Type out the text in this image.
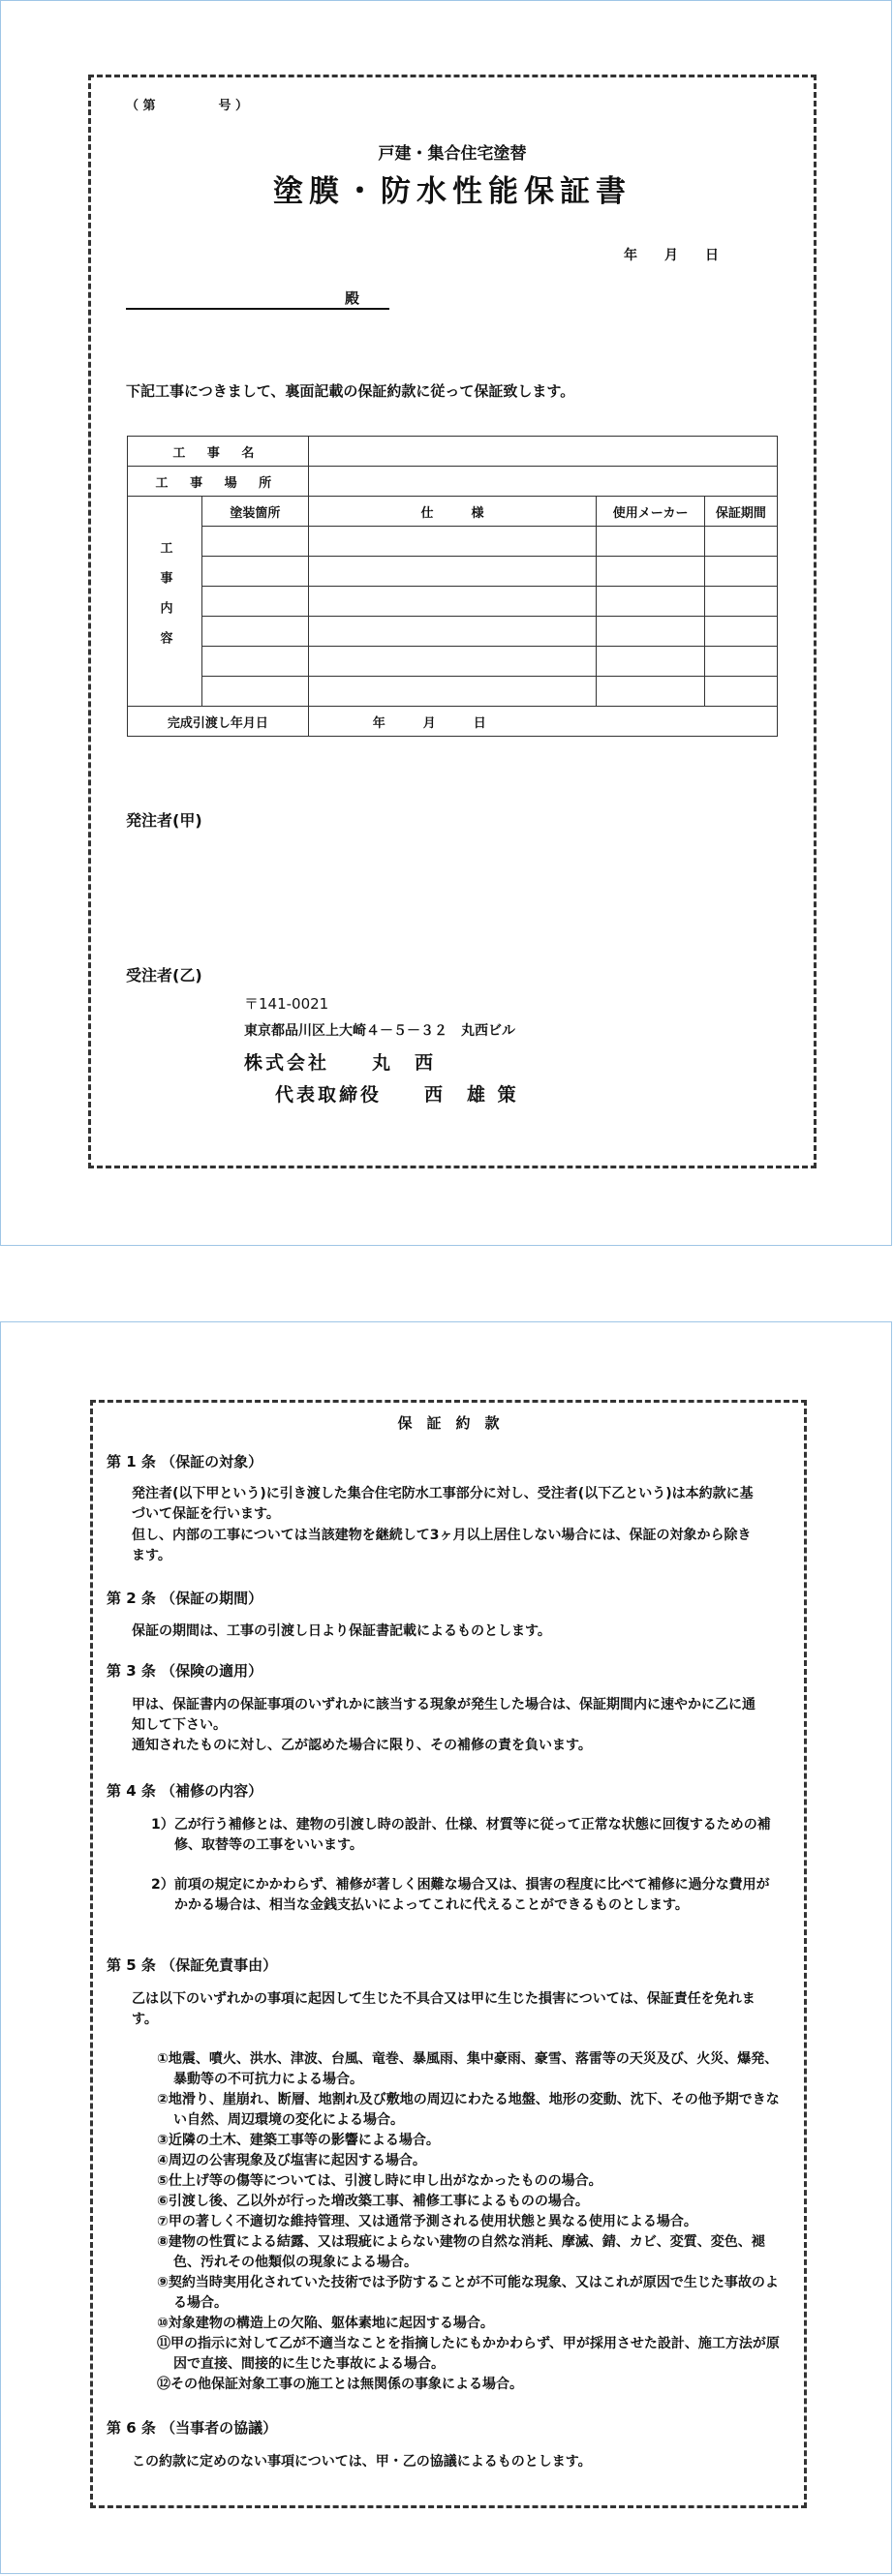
（ 第　　　　　号 ）
戸建・集合住宅塗替
塗膜・防水性能保証書
年　　月　　日
殿
下記工事につきまして、裏面記載の保証約款に従って保証致します。
工 事 名				
工 事 場 所				
工事内容	塗装箇所	仕　　　様	使用メーカー	保証期間

完成引渡し年月日		年　　　月　　　日		
発注者(甲)
受注者(乙)
〒141-0021
東京都品川区上大崎４－５－３２　丸西ビル
株式会社　　丸　西
代表取締役　　西　雄 策
保　証　約　款
第 1 条 （保証の対象）
発注者(以下甲という)に引き渡した集合住宅防水工事部分に対し、受注者(以下乙という)は本約款に基づいて保証を行います。
但し、内部の工事については当該建物を継続して3ヶ月以上居住しない場合には、保証の対象から除きます。
第 2 条 （保証の期間）
保証の期間は、工事の引渡し日より保証書記載によるものとします。
第 3 条 （保険の適用）
甲は、保証書内の保証事項のいずれかに該当する現象が発生した場合は、保証期間内に速やかに乙に通知して下さい。
通知されたものに対し、乙が認めた場合に限り、その補修の責を負います。
第 4 条 （補修の内容）
1）乙が行う補修とは、建物の引渡し時の設計、仕様、材質等に従って正常な状態に回復するための補修、取替等の工事をいいます。
2）前項の規定にかかわらず、補修が著しく困難な場合又は、損害の程度に比べて補修に過分な費用がかかる場合は、相当な金銭支払いによってこれに代えることができるものとします。
第 5 条 （保証免責事由）
乙は以下のいずれかの事項に起因して生じた不具合又は甲に生じた損害については、保証責任を免れます。
①地震、噴火、洪水、津波、台風、竜巻、暴風雨、集中豪雨、豪雪、落雷等の天災及び、火災、爆発、暴動等の不可抗力による場合。
②地滑り、崖崩れ、断層、地割れ及び敷地の周辺にわたる地盤、地形の変動、沈下、その他予期できない自然、周辺環境の変化による場合。
③近隣の土木、建築工事等の影響による場合。
④周辺の公害現象及び塩害に起因する場合。
⑤仕上げ等の傷等については、引渡し時に申し出がなかったものの場合。
⑥引渡し後、乙以外が行った増改築工事、補修工事によるものの場合。
⑦甲の著しく不適切な維持管理、又は通常予測される使用状態と異なる使用による場合。
⑧建物の性質による結露、又は瑕疵によらない建物の自然な消耗、摩滅、錆、カビ、変質、変色、褪色、汚れその他類似の現象による場合。
⑨契約当時実用化されていた技術では予防することが不可能な現象、又はこれが原因で生じた事故のよる場合。
⑩対象建物の構造上の欠陥、躯体素地に起因する場合。
⑪甲の指示に対して乙が不適当なことを指摘したにもかかわらず、甲が採用させた設計、施工方法が原因で直接、間接的に生じた事故による場合。
⑫その他保証対象工事の施工とは無関係の事象による場合。
第 6 条 （当事者の協議）
この約款に定めのない事項については、甲・乙の協議によるものとします。
